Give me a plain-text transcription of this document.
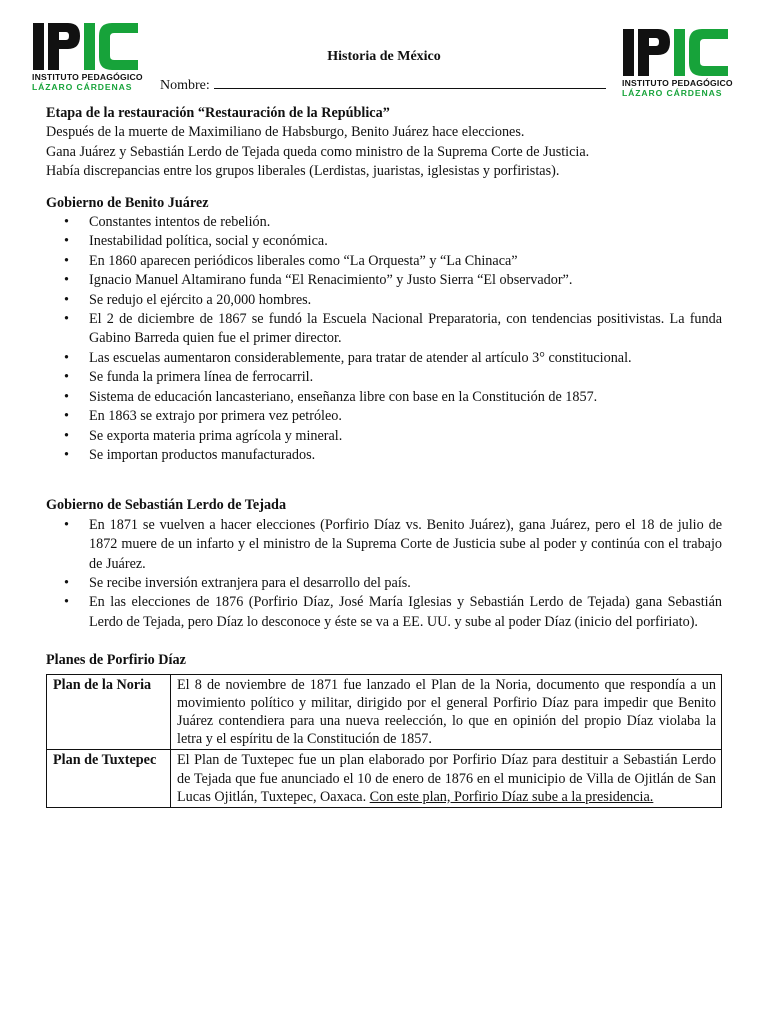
INSTITUTO PEDAGÓGICO
LÁZARO CÁRDENAS	INSTITUTO PEDAGÓGICO
LÁZARO CÁRDENAS
Historia de México
Nombre:
Etapa de la restauración “Restauración de la República”

Después de la muerte de Maximiliano de Habsburgo, Benito Juárez hace elecciones.

Gana Juárez y Sebastián Lerdo de Tejada queda como ministro de la Suprema Corte de Justicia.

Había discrepancias entre los grupos liberales (Lerdistas, juaristas, iglesistas y porfiristas).

Gobierno de Benito Juárez
• Constantes intentos de rebelión.
• Inestabilidad política, social y económica.
• En 1860 aparecen periódicos liberales como “La Orquesta” y “La Chinaca”
• Ignacio Manuel Altamirano funda “El Renacimiento” y Justo Sierra “El observador”.
• Se redujo el ejército a 20,000 hombres.
• El 2 de diciembre de 1867 se fundó la Escuela Nacional Preparatoria, con tendencias positivistas. La funda Gabino Barreda quien fue el primer director.
• Las escuelas aumentaron considerablemente, para tratar de atender al artículo 3° constitucional.
• Se funda la primera línea de ferrocarril.
• Sistema de educación lancasteriano, enseñanza libre con base en la Constitución de 1857.
• En 1863 se extrajo por primera vez petróleo.
• Se exporta materia prima agrícola y mineral.
• Se importan productos manufacturados.
Gobierno de Sebastián Lerdo de Tejada
• En 1871 se vuelven a hacer elecciones (Porfirio Díaz vs. Benito Juárez), gana Juárez, pero el 18 de julio de 1872 muere de un infarto y el ministro de la Suprema Corte de Justicia sube al poder y continúa con el trabajo de Juárez.
• Se recibe inversión extranjera para el desarrollo del país.
• En las elecciones de 1876 (Porfirio Díaz, José María Iglesias y Sebastián Lerdo de Tejada) gana Sebastián Lerdo de Tejada, pero Díaz lo desconoce y éste se va a EE. UU. y sube al poder Díaz (inicio del porfiriato).
Planes de Porfirio Díaz
Plan de la Noria	El 8 de noviembre de 1871 fue lanzado el Plan de la Noria, documento que respondía a un movimiento político y militar, dirigido por el general Porfirio Díaz para impedir que Benito Juárez contendiera para una nueva reelección, lo que en opinión del propio Díaz violaba la letra y el espíritu de la Constitución de 1857.
Plan de Tuxtepec	El Plan de Tuxtepec fue un plan elaborado por Porfirio Díaz para destituir a Sebastián Lerdo de Tejada que fue anunciado el 10 de enero de 1876 en el municipio de Villa de Ojitlán de San Lucas Ojitlán, Tuxtepec, Oaxaca. Con este plan, Porfirio Díaz sube a la presidencia.
